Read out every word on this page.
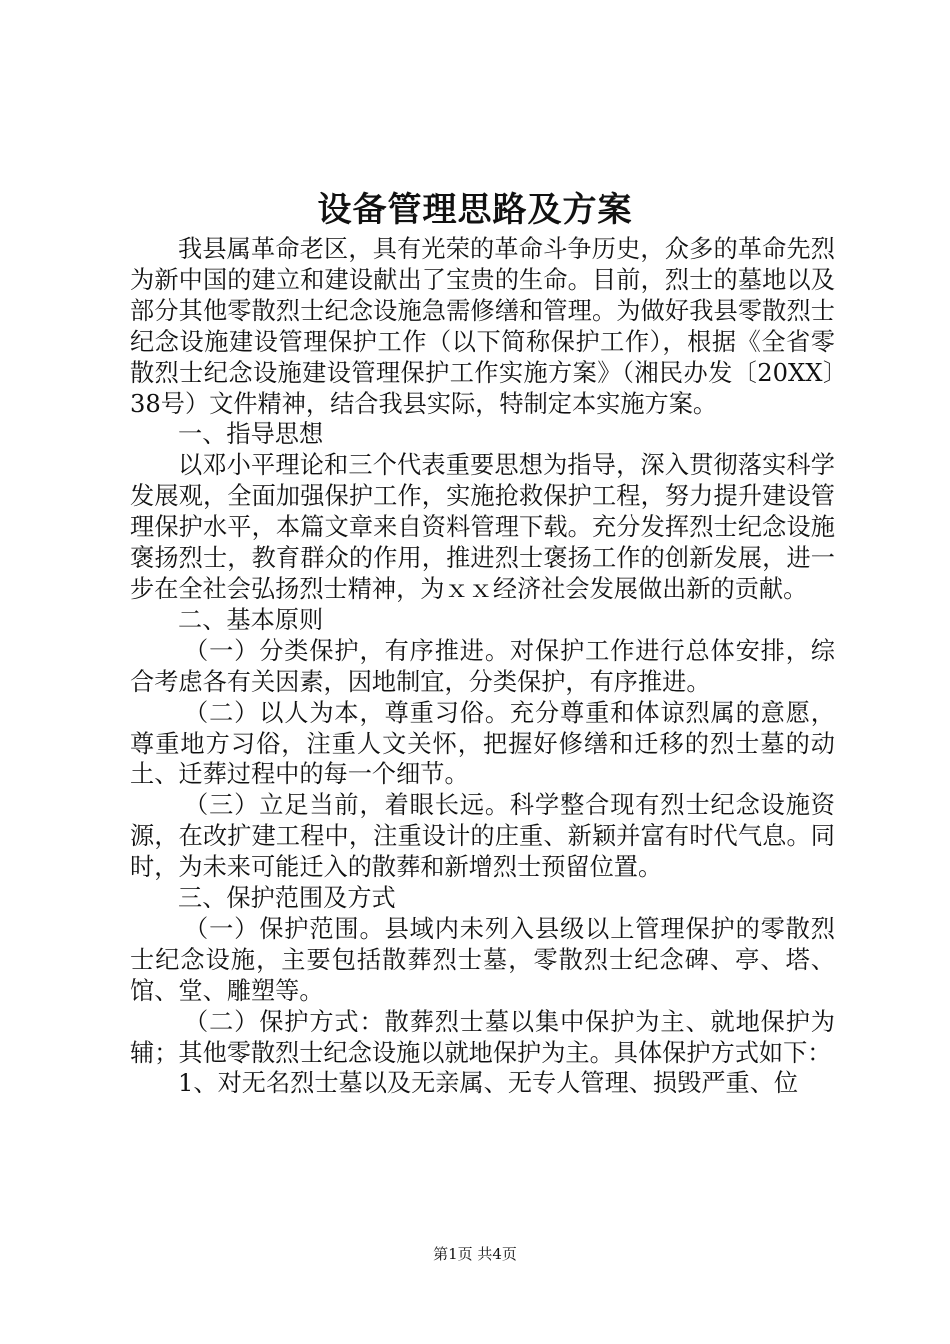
设备管理思路及方案

我县属革命老区，具有光荣的革命斗争历史，众多的革命先烈为新中国的建立和建设献出了宝贵的生命。目前，烈士的墓地以及部分其他零散烈士纪念设施急需修缮和管理。为做好我县零散烈士纪念设施建设管理保护工作（以下简称保护工作），根据《全省零散烈士纪念设施建设管理保护工作实施方案》（湘民办发〔20XX〕38号）文件精神，结合我县实际，特制定本实施方案。

一、指导思想

以邓小平理论和三个代表重要思想为指导，深入贯彻落实科学发展观，全面加强保护工作，实施抢救保护工程，努力提升建设管理保护水平，本篇文章来自资料管理下载。充分发挥烈士纪念设施褒扬烈士，教育群众的作用，推进烈士褒扬工作的创新发展，进一步在全社会弘扬烈士精神，为ｘｘ经济社会发展做出新的贡献。

二、基本原则

（一）分类保护，有序推进。对保护工作进行总体安排，综合考虑各有关因素，因地制宜，分类保护，有序推进。

（二）以人为本，尊重习俗。充分尊重和体谅烈属的意愿，尊重地方习俗，注重人文关怀，把握好修缮和迁移的烈士墓的动土、迁葬过程中的每一个细节。

（三）立足当前，着眼长远。科学整合现有烈士纪念设施资源，在改扩建工程中，注重设计的庄重、新颖并富有时代气息。同时，为未来可能迁入的散葬和新增烈士预留位置。

三、保护范围及方式

（一）保护范围。县域内未列入县级以上管理保护的零散烈士纪念设施，主要包括散葬烈士墓，零散烈士纪念碑、亭、塔、馆、堂、雕塑等。

（二）保护方式：散葬烈士墓以集中保护为主、就地保护为辅；其他零散烈士纪念设施以就地保护为主。具体保护方式如下：

1、对无名烈士墓以及无亲属、无专人管理、损毁严重、位

第1页 共4页
